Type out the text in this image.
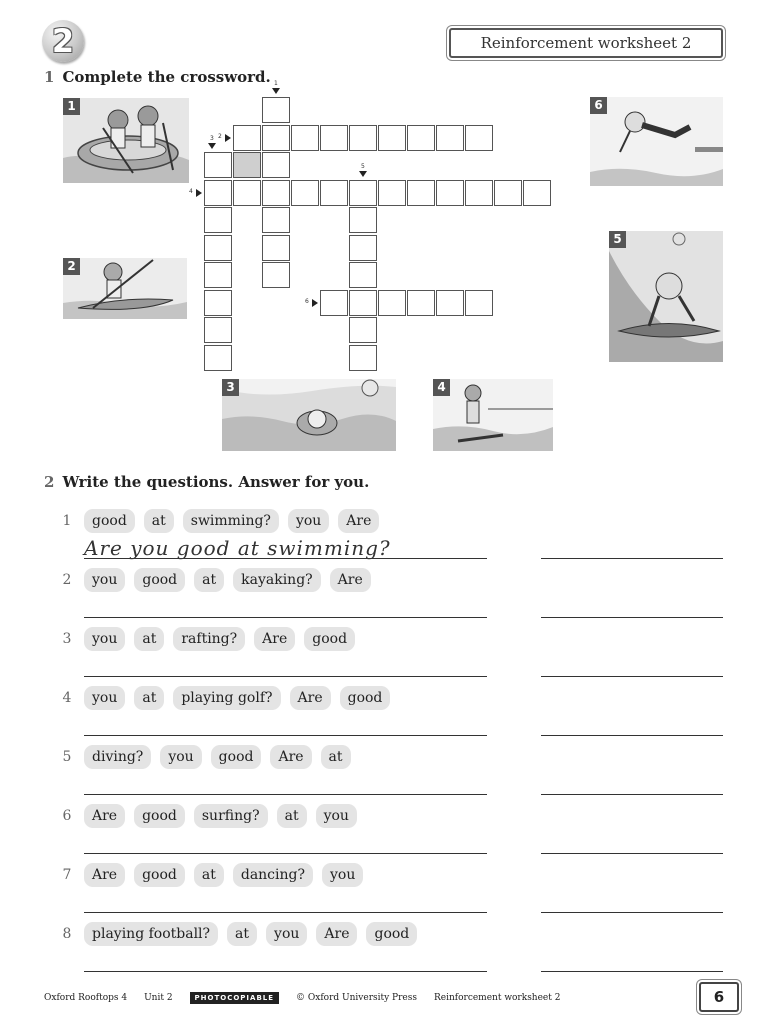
2	Reinforcement worksheet 2
1 Complete the crossword. 1
2
3
4
5
6
1
2
3	4
6
5
2 Write the questions. Answer for you.
1	good	at	swimming?	you	Are
2	you	good	at	kayaking?	Are
3	you	at	rafting?	Are	good
4	you	at	playing golf?	Are	good
5	diving?	you	good	Are	at
6	Are	good	surfing?	at	you
7	Are	good	at	dancing?	you
8	playing football?	at	you	Are	good
Are you good at swimming?
Oxford Rooftops 4 Unit 2	PHOTOCOPIABLE	© Oxford University Press Reinforcement worksheet 2	6
